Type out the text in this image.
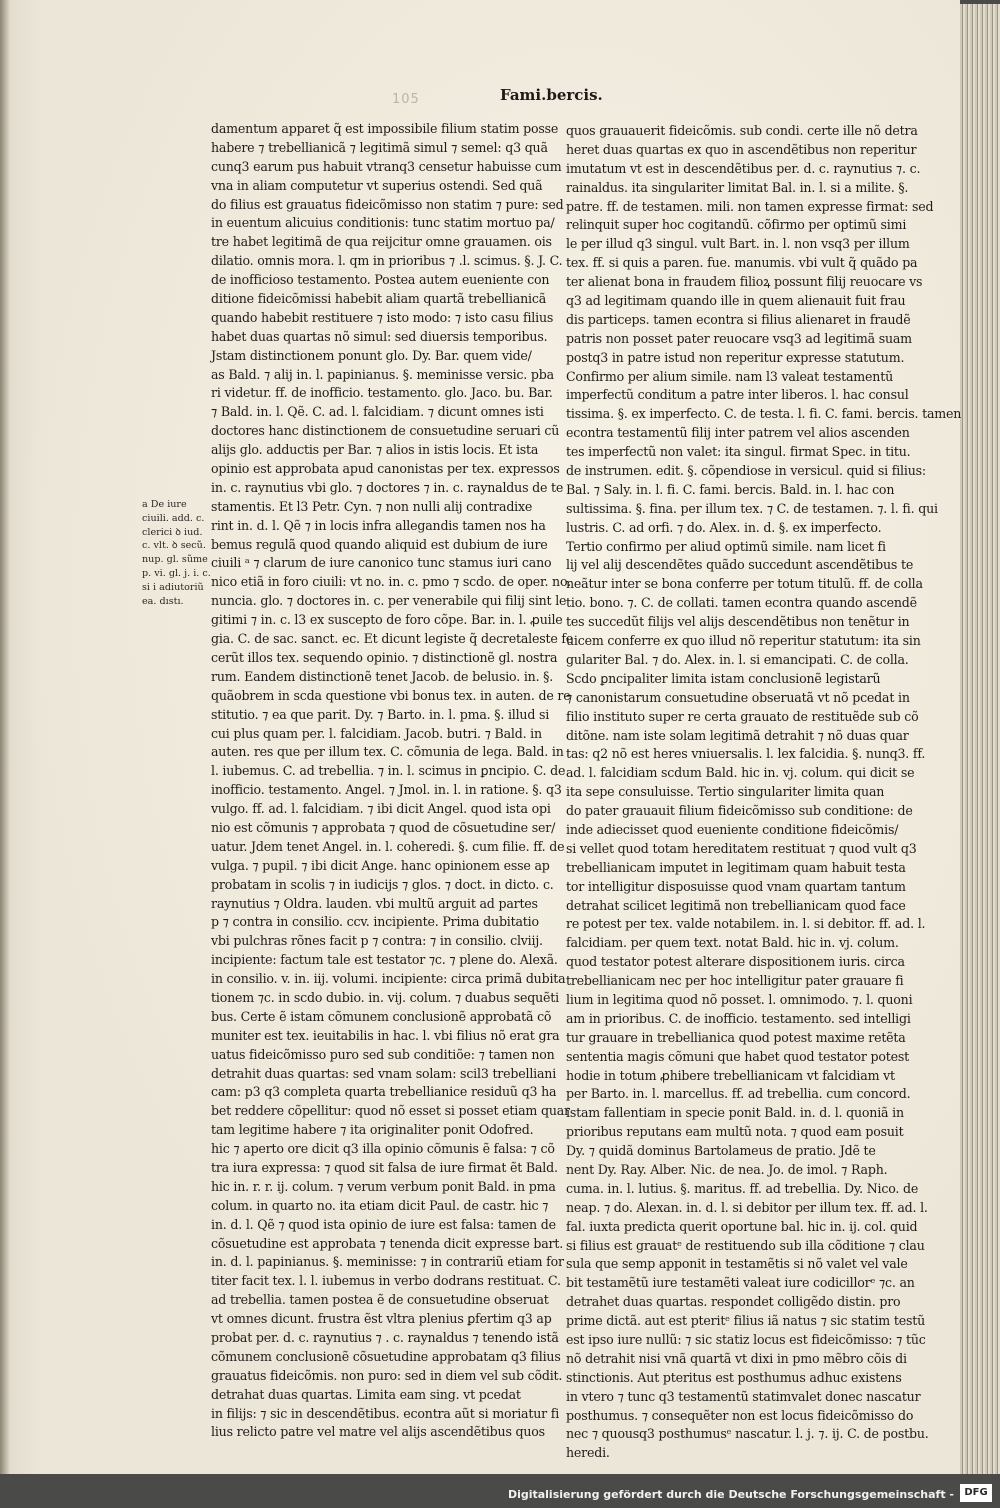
105	Fami.bercis.
a De iure
ciuili. add. c.
clerici ꝺ iud.
c. vlt. ꝺ secũ.
nup. gl. sũme
p. vi. gl. j. i. c.
si i adiutoriũ
ea. dıstı.
damentum apparet q̃ est impossibile filium statim posse
habere ⁊ trebellianicã ⁊ legitimã simul ⁊ semel: q3 quã
cunq3 earum pus habuit vtranq3 censetur habuisse cum
vna in aliam computetur vt superius ostendi. Sed quã
do filius est grauatus fideicõmisso non statim ⁊ pure: sed
in euentum alicuius conditionis: tunc statim mortuo pa/
tre habet legitimã de qua reijcitur omne grauamen. ois
dilatio. omnis mora. l. qm in prioribus ⁊ .l. scimus. §. J. C.
de inofficioso testamento. Postea autem eueniente con
ditione fideicõmissi habebit aliam quartã trebellianicã
quando habebit restituere ⁊ isto modo: ⁊ isto casu filius
habet duas quartas nõ simul: sed diuersis temporibus.
Jstam distinctionem ponunt glo. Dy. Bar. quem vide/
as Bald. ⁊ alij in. l. papinianus. §. meminisse versic. pba
ri videtur. ff. de inofficio. testamento. glo. Jaco. bu. Bar.
⁊ Bald. in. l. Qẽ. C. ad. l. falcidiam. ⁊ dicunt omnes isti
doctores hanc distinctionem de consuetudine seruari cũ
alijs glo. adductis per Bar. ⁊ alios in istis locis. Et ista
opinio est approbata apud canonistas per tex. expressos
in. c. raynutius vbi glo. ⁊ doctores ⁊ in. c. raynaldus de te
stamentis. Et l3 Petr. Cyn. ⁊ non nulli alij contradixe
rint in. d. l. Qẽ ⁊ in locis infra allegandis tamen nos ha
bemus regulã quod quando aliquid est dubium de iure
ciuili ᵃ ⁊ clarum de iure canonico tunc stamus iuri cano
nico etiã in foro ciuili: vt no. in. c. pmo ⁊ scdo. de oper. no.
nuncia. glo. ⁊ doctores in. c. per venerabile qui filij sint le
gitimi ⁊ in. c. l3 ex suscepto de foro cõpe. Bar. in. l. ꝓuile
gia. C. de sac. sanct. ec. Et dicunt legiste q̃ decretaleste fe
cerũt illos tex. sequendo opinio. ⁊ distinctionẽ gl. nostra
rum. Eandem distinctionẽ tenet Jacob. de belusio. in. §.
quãobrem in scda questione vbi bonus tex. in auten. de re
stitutio. ⁊ ea que parit. Dy. ⁊ Barto. in. l. pma. §. illud si
cui plus quam per. l. falcidiam. Jacob. butri. ⁊ Bald. in
auten. res que per illum tex. C. cõmunia de lega. Bald. in
l. iubemus. C. ad trebellia. ⁊ in. l. scimus in ꝑncipio. C. de
inofficio. testamento. Angel. ⁊ Jmol. in. l. in ratione. §. q3
vulgo. ff. ad. l. falcidiam. ⁊ ibi dicit Angel. quod ista opi
nio est cõmunis ⁊ approbata ⁊ quod de cõsuetudine ser/
uatur. Jdem tenet Angel. in. l. coheredi. §. cum filie. ff. de
vulga. ⁊ pupil. ⁊ ibi dicit Ange. hanc opinionem esse ap
probatam in scolis ⁊ in iudicijs ⁊ glos. ⁊ doct. in dicto. c.
raynutius ⁊ Oldra. lauden. vbi multũ arguit ad partes
p ⁊ contra in consilio. ccv. incipiente. Prima dubitatio
vbi pulchras rõnes facit p ⁊ contra: ⁊ in consilio. clviij.
incipiente: factum tale est testator ⁊c. ⁊ plene do. Alexã.
in consilio. v. in. iij. volumi. incipiente: circa primã dubita
tionem ⁊c. in scdo dubio. in. vij. colum. ⁊ duabus sequẽti
bus. Certe ẽ istam cõmunem conclusionẽ approbatã cõ
muniter est tex. ieuitabilis in hac. l. vbi filius nõ erat gra
uatus fideicõmisso puro sed sub conditiõe: ⁊ tamen non
detrahit duas quartas: sed vnam solam: scil3 trebelliani
cam: p3 q3 completa quarta trebellianice residuũ q3 ha
bet reddere cõpellitur: quod nõ esset si posset etiam quar
tam legitime habere ⁊ ita originaliter ponit Odofred.
hic ⁊ aperto ore dicit q3 illa opinio cõmunis ẽ falsa: ⁊ cõ
tra iura expressa: ⁊ quod sit falsa de iure firmat ẽt Bald.
hic in. r. r. ij. colum. ⁊ verum verbum ponit Bald. in pma
colum. in quarto no. ita etiam dicit Paul. de castr. hic ⁊
in. d. l. Qẽ ⁊ quod ista opinio de iure est falsa: tamen de
cõsuetudine est approbata ⁊ tenenda dicit expresse bart.
in. d. l. papinianus. §. meminisse: ⁊ in contrariũ etiam for
titer facit tex. l. l. iubemus in verbo dodrans restituat. C.
ad trebellia. tamen postea ẽ de consuetudine obseruat
vt omnes dicunt. frustra ẽst vltra plenius ꝑfertim q3 ap
probat per. d. c. raynutius ⁊ . c. raynaldus ⁊ tenendo istã
cõmunem conclusionẽ cõsuetudine approbatam q3 filius
grauatus fideicõmis. non puro: sed in diem vel sub cõdit.
detrahat duas quartas. Limita eam sing. vt pcedat
in filijs: ⁊ sic in descendẽtibus. econtra aũt si moriatur fi
lius relicto patre vel matre vel alijs ascendẽtibus quos
quos grauauerit fideicõmis. sub condi. certe ille nõ detra
heret duas quartas ex quo in ascendẽtibus non reperitur
imutatum vt est in descendẽtibus per. d. c. raynutius ⁊. c.
rainaldus. ita singulariter limitat Bal. in. l. si a milite. §.
patre. ff. de testamen. mili. non tamen expresse firmat: sed
relinquit super hoc cogitandũ. cõfirmo per optimũ simi
le per illud q3 singul. vult Bart. in. l. non vsq3 per illum
tex. ff. si quis a paren. fue. manumis. vbi vult q̃ quãdo pa
ter alienat bona in fraudem filioꝝ possunt filij reuocare vs
q3 ad legitimam quando ille in quem alienauit fuit frau
dis particeps. tamen econtra si filius alienaret in fraudẽ
patris non posset pater reuocare vsq3 ad legitimã suam
postq3 in patre istud non reperitur expresse statutum.
Confirmo per alium simile. nam l3 valeat testamentũ
imperfectũ conditum a patre inter liberos. l. hac consul
tissima. §. ex imperfecto. C. de testa. l. fi. C. fami. bercis. tamen
econtra testamentũ filij inter patrem vel alios ascenden
tes imperfectũ non valet: ita singul. firmat Spec. in titu.
de instrumen. edit. §. cõpendiose in versicul. quid si filius:
Bal. ⁊ Saly. in. l. fi. C. fami. bercis. Bald. in. l. hac con
sultissima. §. fina. per illum tex. ⁊ C. de testamen. ⁊. l. fi. qui
lustris. C. ad orfi. ⁊ do. Alex. in. d. §. ex imperfecto.
Tertio confirmo per aliud optimũ simile. nam licet fi
lij vel alij descendẽtes quãdo succedunt ascendẽtibus te
neãtur inter se bona conferre per totum titulũ. ff. de colla
tio. bono. ⁊. C. de collati. tamen econtra quando ascendẽ
tes succedũt filijs vel alijs descendẽtibus non tenẽtur in
uicem conferre ex quo illud nõ reperitur statutum: ita sin
gulariter Bal. ⁊ do. Alex. in. l. si emancipati. C. de colla.
Scdo ꝑncipaliter limita istam conclusionẽ legistarũ
⁊ canonistarum consuetudine obseruatã vt nõ pcedat in
filio instituto super re certa grauato de restituẽde sub cõ
ditõne. nam iste solam legitimã detrahit ⁊ nõ duas quar
tas: q2 nõ est heres vniuersalis. l. lex falcidia. §. nunq3. ff.
ad. l. falcidiam scdum Bald. hic in. vj. colum. qui dicit se
ita sepe consuluisse. Tertio singulariter limita quan
do pater grauauit filium fideicõmisso sub conditione: de
inde adiecisset quod eueniente conditione fideicõmis/
si vellet quod totam hereditatem restituat ⁊ quod vult q3
trebellianicam imputet in legitimam quam habuit testa
tor intelligitur disposuisse quod vnam quartam tantum
detrahat scilicet legitimã non trebellianicam quod face
re potest per tex. valde notabilem. in. l. si debitor. ff. ad. l.
falcidiam. per quem text. notat Bald. hic in. vj. colum.
quod testator potest alterare dispositionem iuris. circa
trebellianicam nec per hoc intelligitur pater grauare fi
lium in legitima quod nõ posset. l. omnimodo. ⁊. l. quoni
am in prioribus. C. de inofficio. testamento. sed intelligi
tur grauare in trebellianica quod potest maxime retẽta
sententia magis cõmuni que habet quod testator potest
hodie in totum ꝓhibere trebellianicam vt falcidiam vt
per Barto. in. l. marcellus. ff. ad trebellia. cum concord.
istam fallentiam in specie ponit Bald. in. d. l. quoniã in
prioribus reputans eam multũ nota. ⁊ quod eam posuit
Dy. ⁊ quidã dominus Bartolameus de pratio. Jdẽ te
nent Dy. Ray. Alber. Nic. de nea. Jo. de imol. ⁊ Raph.
cuma. in. l. lutius. §. maritus. ff. ad trebellia. Dy. Nico. de
neap. ⁊ do. Alexan. in. d. l. si debitor per illum tex. ff. ad. l.
fal. iuxta predicta querit oportune bal. hic in. ij. col. quid
si filius est grauatᵉ de restituendo sub illa cõditione ⁊ clau
sula que semp apponit in testamẽtis si nõ valet vel vale
bit testamẽtũ iure testamẽti valeat iure codicillorᵉ ⁊c. an
detrahet duas quartas. respondet colligẽdo distin. pro
prime dictã. aut est pteritᵉ filius iã natus ⁊ sic statim testũ
est ipso iure nullũ: ⁊ sic statiz locus est fideicõmisso: ⁊ tũc
nõ detrahit nisi vnã quartã vt dixi in pmo mẽbro cõis di
stinctionis. Aut pteritus est posthumus adhuc existens
in vtero ⁊ tunc q3 testamentũ statimvalet donec nascatur
posthumus. ⁊ consequẽter non est locus fideicõmisso do
nec ⁊ quousq3 posthumusᵉ nascatur. l. j. ⁊. ij. C. de postbu.
heredi.
Digitalisierung gefördert durch die Deutsche Forschungsgemeinschaft -	DFG
